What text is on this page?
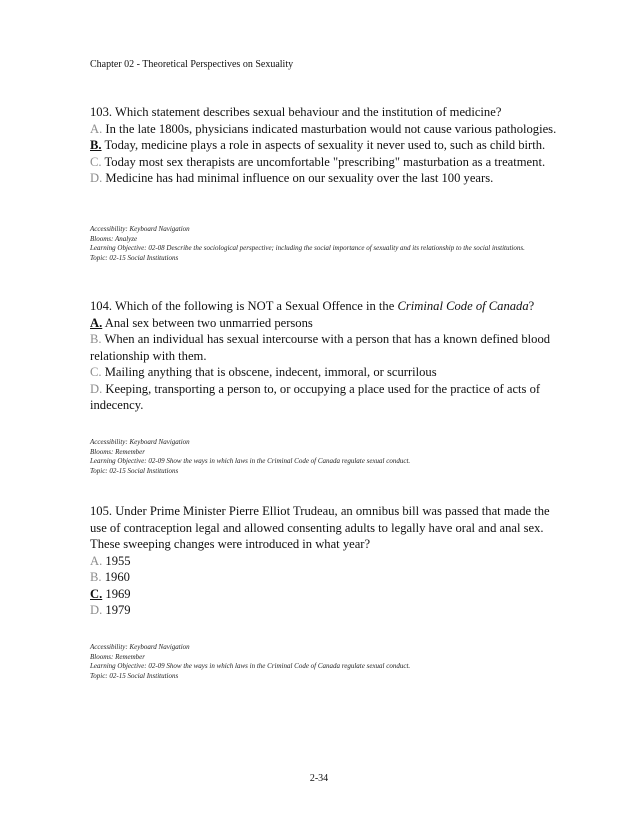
Chapter 02 - Theoretical Perspectives on Sexuality
103. Which statement describes sexual behaviour and the institution of medicine?

A. In the late 1800s, physicians indicated masturbation would not cause various pathologies.

B. Today, medicine plays a role in aspects of sexuality it never used to, such as child birth.

C. Today most sex therapists are uncomfortable "prescribing" masturbation as a treatment.

D. Medicine has had minimal influence on our sexuality over the last 100 years.

Accessibility: Keyboard Navigation
Blooms: Analyze
Learning Objective: 02-08 Describe the sociological perspective; including the social importance of sexuality and its relationship to the social institutions.
Topic: 02-15 Social Institutions
104. Which of the following is NOT a Sexual Offence in the Criminal Code of Canada?

A. Anal sex between two unmarried persons

B. When an individual has sexual intercourse with a person that has a known defined blood relationship with them.

C. Mailing anything that is obscene, indecent, immoral, or scurrilous

D. Keeping, transporting a person to, or occupying a place used for the practice of acts of indecency.

Accessibility: Keyboard Navigation
Blooms: Remember
Learning Objective: 02-09 Show the ways in which laws in the Criminal Code of Canada regulate sexual conduct.
Topic: 02-15 Social Institutions
105. Under Prime Minister Pierre Elliot Trudeau, an omnibus bill was passed that made the use of contraception legal and allowed consenting adults to legally have oral and anal sex. These sweeping changes were introduced in what year?

A. 1955

B. 1960

C. 1969

D. 1979

Accessibility: Keyboard Navigation
Blooms: Remember
Learning Objective: 02-09 Show the ways in which laws in the Criminal Code of Canada regulate sexual conduct.
Topic: 02-15 Social Institutions
2-34
